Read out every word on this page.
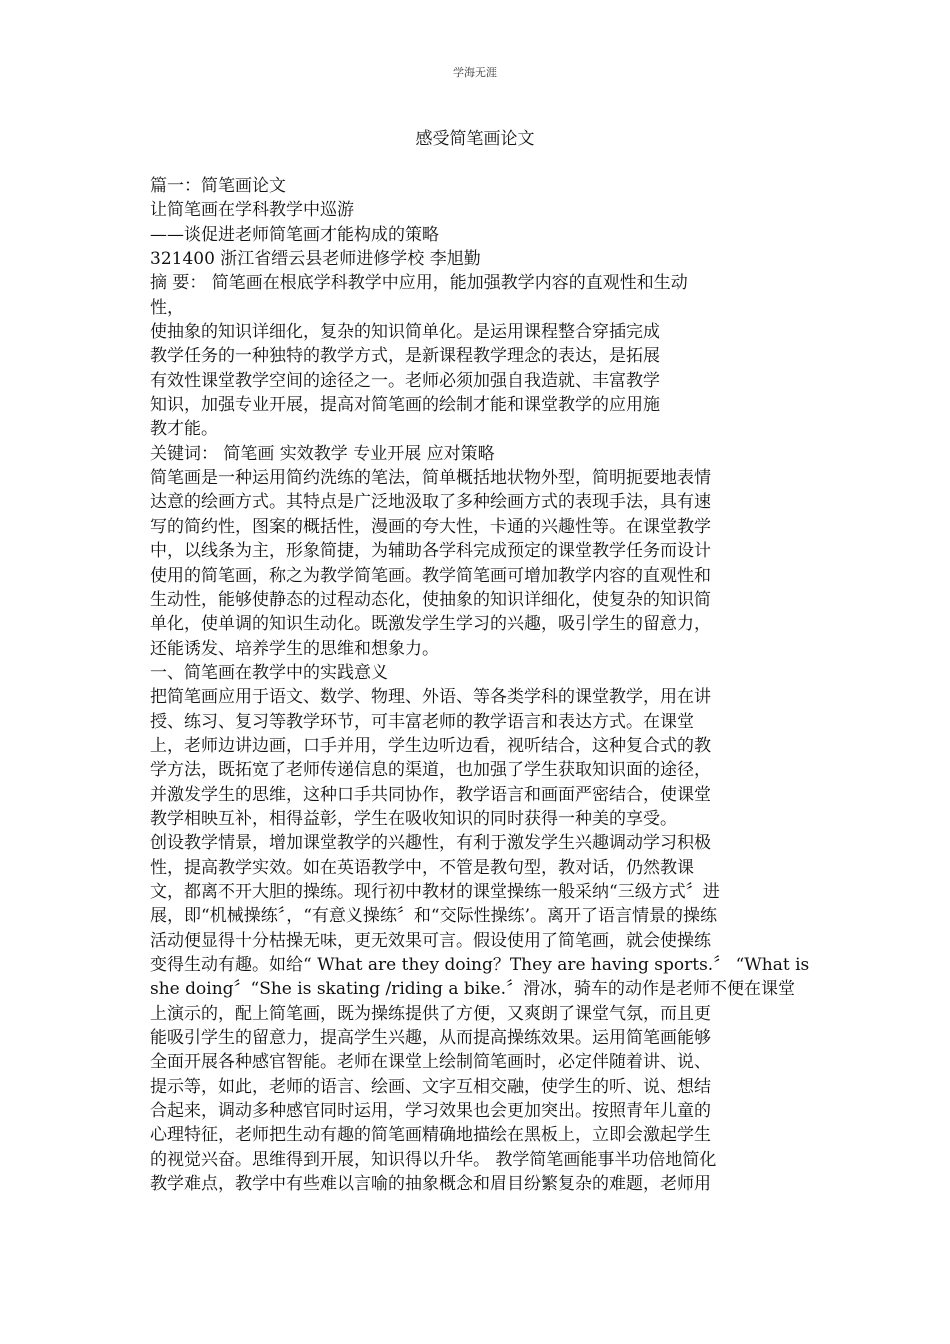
学海无涯
感受简笔画论文
篇一：简笔画论文
让简笔画在学科教学中巡游
——谈促进老师简笔画才能构成的策略
321400 浙江省缙云县老师进修学校 李旭勤
摘 要： 简笔画在根底学科教学中应用，能加强教学内容的直观性和生动
性，
使抽象的知识详细化，复杂的知识简单化。是运用课程整合穿插完成
教学任务的一种独特的教学方式，是新课程教学理念的表达，是拓展
有效性课堂教学空间的途径之一。老师必须加强自我造就、丰富教学
知识，加强专业开展，提高对简笔画的绘制才能和课堂教学的应用施
教才能。
关键词： 简笔画 实效教学 专业开展 应对策略
简笔画是一种运用简约洗练的笔法，简单概括地状物外型，简明扼要地表情
达意的绘画方式。其特点是广泛地汲取了多种绘画方式的表现手法，具有速
写的简约性，图案的概括性，漫画的夸大性，卡通的兴趣性等。在课堂教学
中，以线条为主，形象简捷，为辅助各学科完成预定的课堂教学任务而设计
使用的简笔画，称之为教学简笔画。教学简笔画可增加教学内容的直观性和
生动性，能够使静态的过程动态化，使抽象的知识详细化，使复杂的知识简
单化，使单调的知识生动化。既激发学生学习的兴趣，吸引学生的留意力，
还能诱发、培养学生的思维和想象力。
一、简笔画在教学中的实践意义
把简笔画应用于语文、数学、物理、外语、等各类学科的课堂教学，用在讲
授、练习、复习等教学环节，可丰富老师的教学语言和表达方式。在课堂
上，老师边讲边画，口手并用，学生边听边看，视听结合，这种复合式的教
学方法，既拓宽了老师传递信息的渠道，也加强了学生获取知识面的途径，
并激发学生的思维，这种口手共同协作，教学语言和画面严密结合，使课堂
教学相映互补，相得益彰，学生在吸收知识的同时获得一种美的享受。
创设教学情景，增加课堂教学的兴趣性，有利于激发学生兴趣调动学习积极
性，提高教学实效。如在英语教学中，不管是教句型，教对话，仍然教课
文，都离不开大胆的操练。现行初中教材的课堂操练一般采纳“三级方式〞进
展，即“机械操练〞，“有意义操练〞和“交际性操练’。离开了语言情景的操练
活动便显得十分枯操无味，更无效果可言。假设使用了简笔画，就会使操练
变得生动有趣。如给“ What are they doing？They are having sports.〞 “What is
she doing〞“She is skating /riding a bike.〞滑冰，骑车的动作是老师不便在课堂
上演示的，配上简笔画，既为操练提供了方便，又爽朗了课堂气氛，而且更
能吸引学生的留意力，提高学生兴趣，从而提高操练效果。运用简笔画能够
全面开展各种感官智能。老师在课堂上绘制简笔画时，必定伴随着讲、说、
提示等，如此，老师的语言、绘画、文字互相交融，使学生的听、说、想结
合起来，调动多种感官同时运用，学习效果也会更加突出。按照青年儿童的
心理特征，老师把生动有趣的简笔画精确地描绘在黑板上，立即会激起学生
的视觉兴奋。思维得到开展，知识得以升华。 教学简笔画能事半功倍地简化
教学难点，教学中有些难以言喻的抽象概念和眉目纷繁复杂的难题，老师用
